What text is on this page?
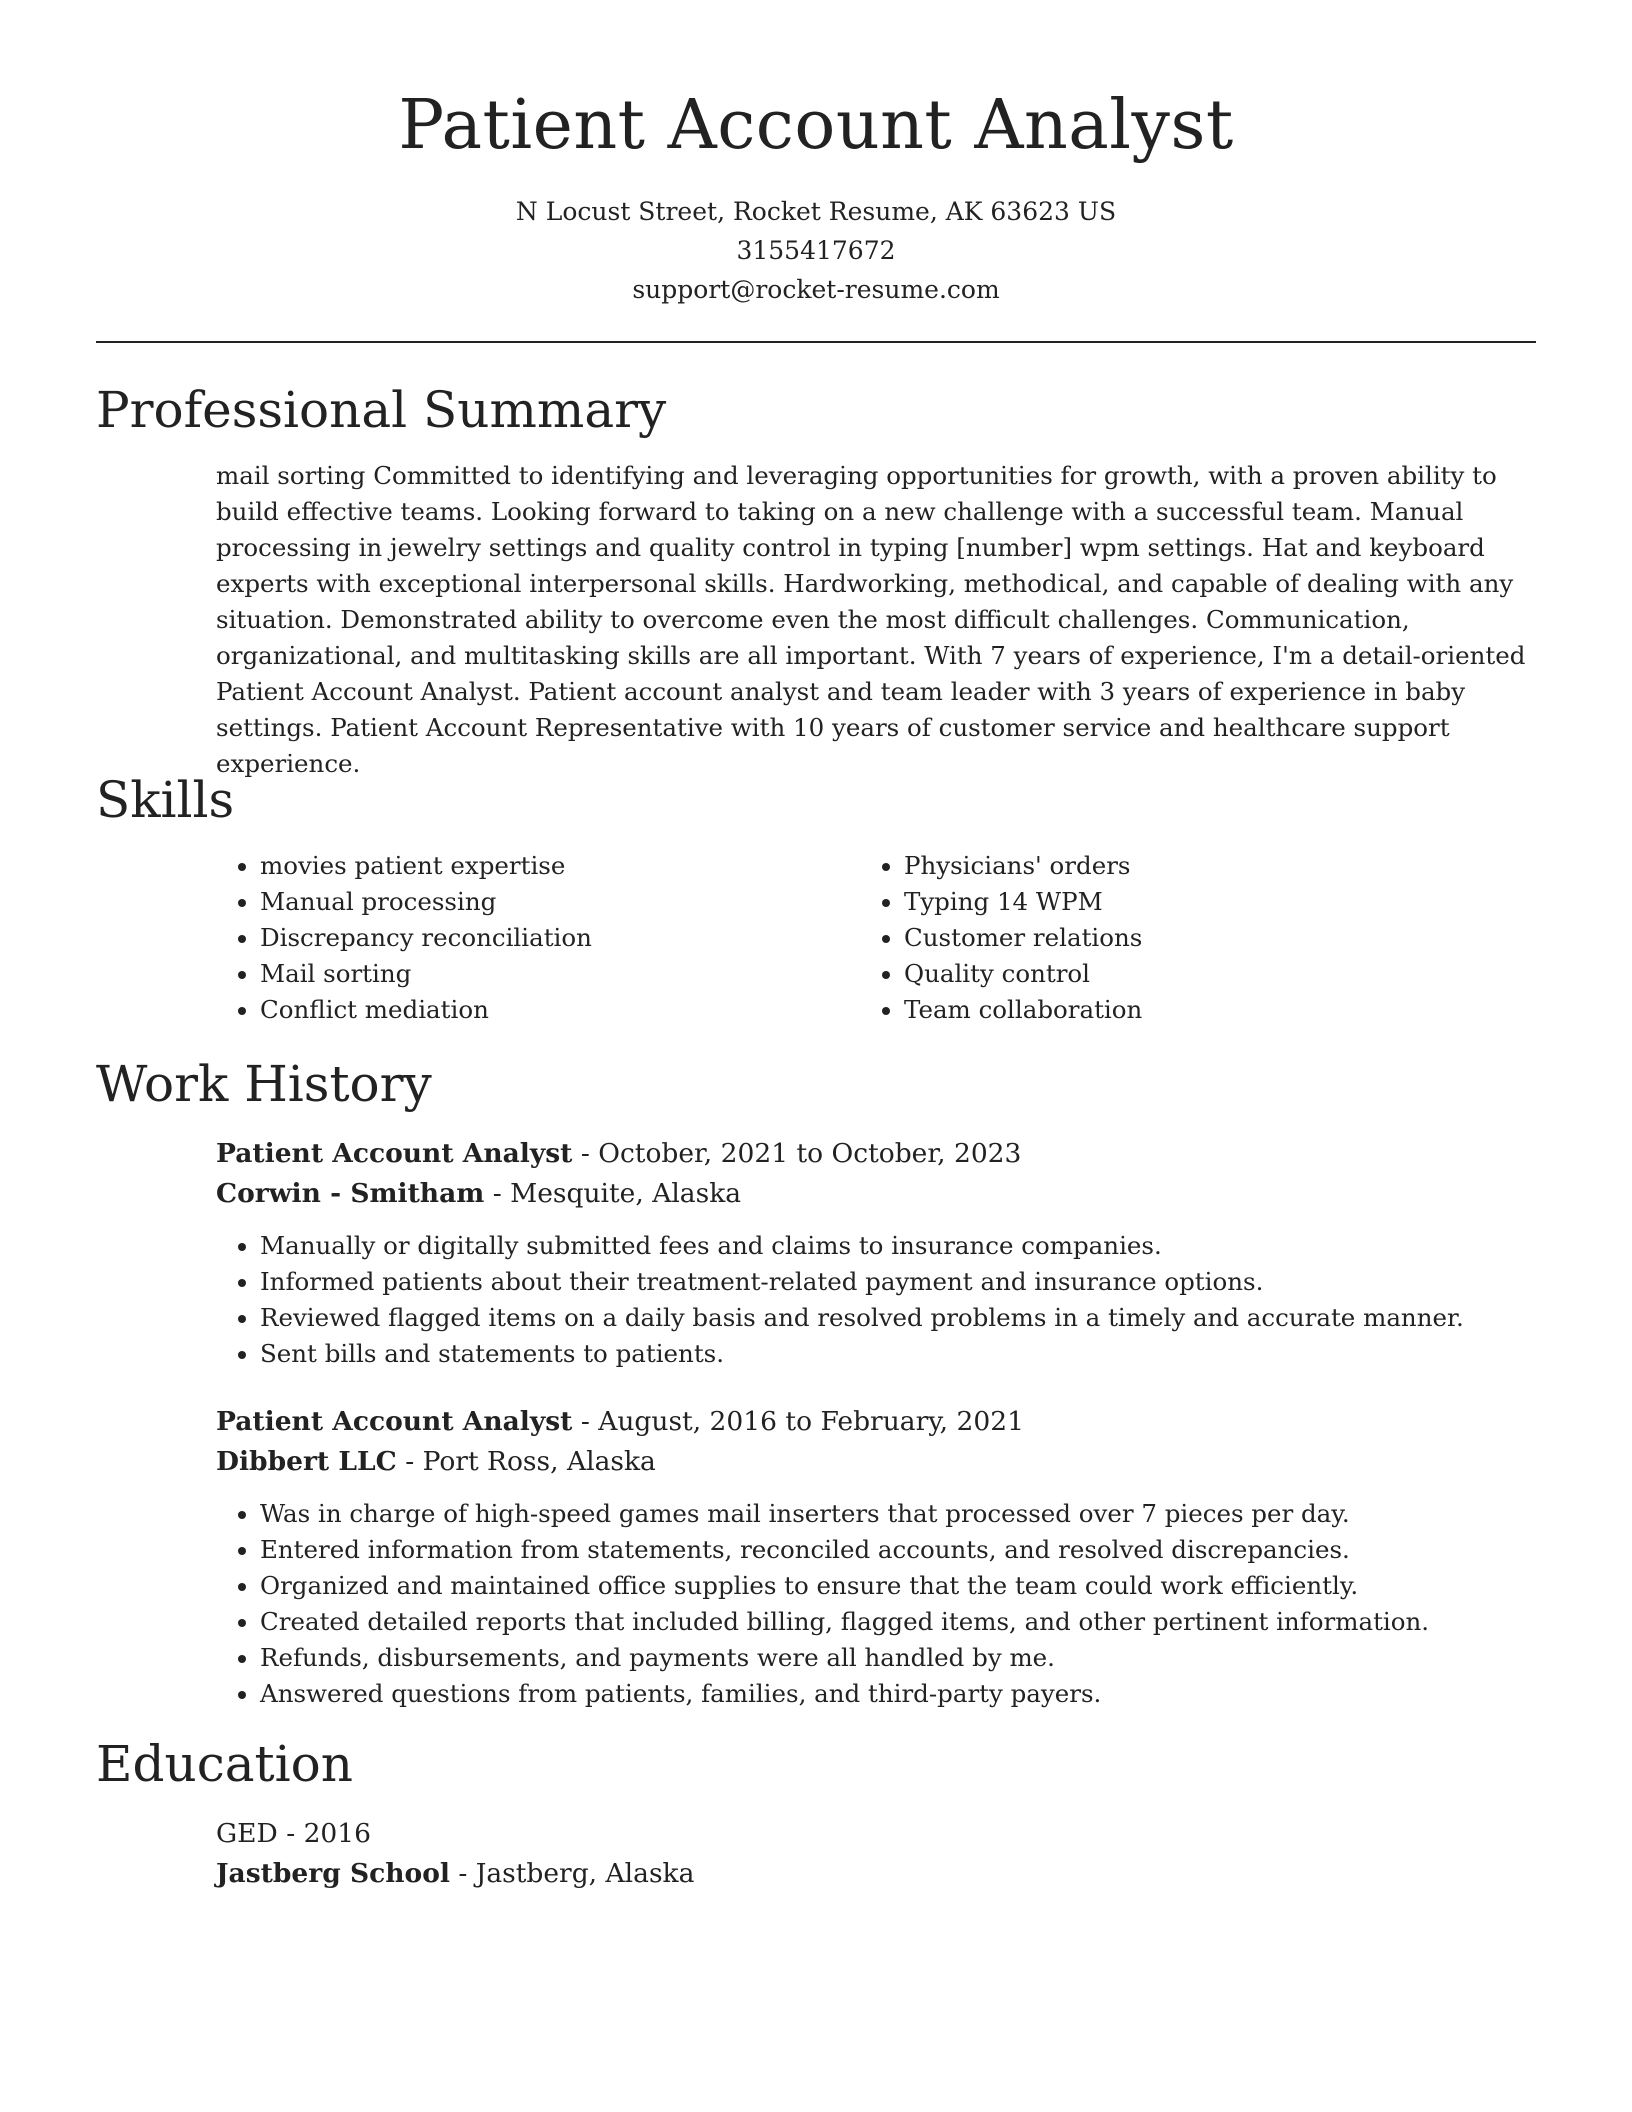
Patient Account Analyst

N Locust Street, Rocket Resume, AK 63623 US

3155417672

support@rocket-resume.com

Professional Summary

mail sorting Committed to identifying and leveraging opportunities for growth, with a proven ability to build effective teams. Looking forward to taking on a new challenge with a successful team. Manual processing in jewelry settings and quality control in typing [number] wpm settings. Hat and keyboard experts with exceptional interpersonal skills. Hardworking, methodical, and capable of dealing with any situation. Demonstrated ability to overcome even the most difficult challenges. Communication, organizational, and multitasking skills are all important. With 7 years of experience, I'm a detail-oriented Patient Account Analyst. Patient account analyst and team leader with 3 years of experience in baby settings. Patient Account Representative with 10 years of customer service and healthcare support experience.

Skills
• movies patient expertise
• Manual processing
• Discrepancy reconciliation
• Mail sorting
• Conflict mediation
• Physicians' orders
• Typing 14 WPM
• Customer relations
• Quality control
• Team collaboration
Work History

Patient Account Analyst - October, 2021 to October, 2023

Corwin - Smitham - Mesquite, Alaska

• Manually or digitally submitted fees and claims to insurance companies.
• Informed patients about their treatment-related payment and insurance options.
• Reviewed flagged items on a daily basis and resolved problems in a timely and accurate manner.
• Sent bills and statements to patients.

Patient Account Analyst - August, 2016 to February, 2021

Dibbert LLC - Port Ross, Alaska

• Was in charge of high-speed games mail inserters that processed over 7 pieces per day.
• Entered information from statements, reconciled accounts, and resolved discrepancies.
• Organized and maintained office supplies to ensure that the team could work efficiently.
• Created detailed reports that included billing, flagged items, and other pertinent information.
• Refunds, disbursements, and payments were all handled by me.
• Answered questions from patients, families, and third-party payers.
Education

GED - 2016

Jastberg School - Jastberg, Alaska
